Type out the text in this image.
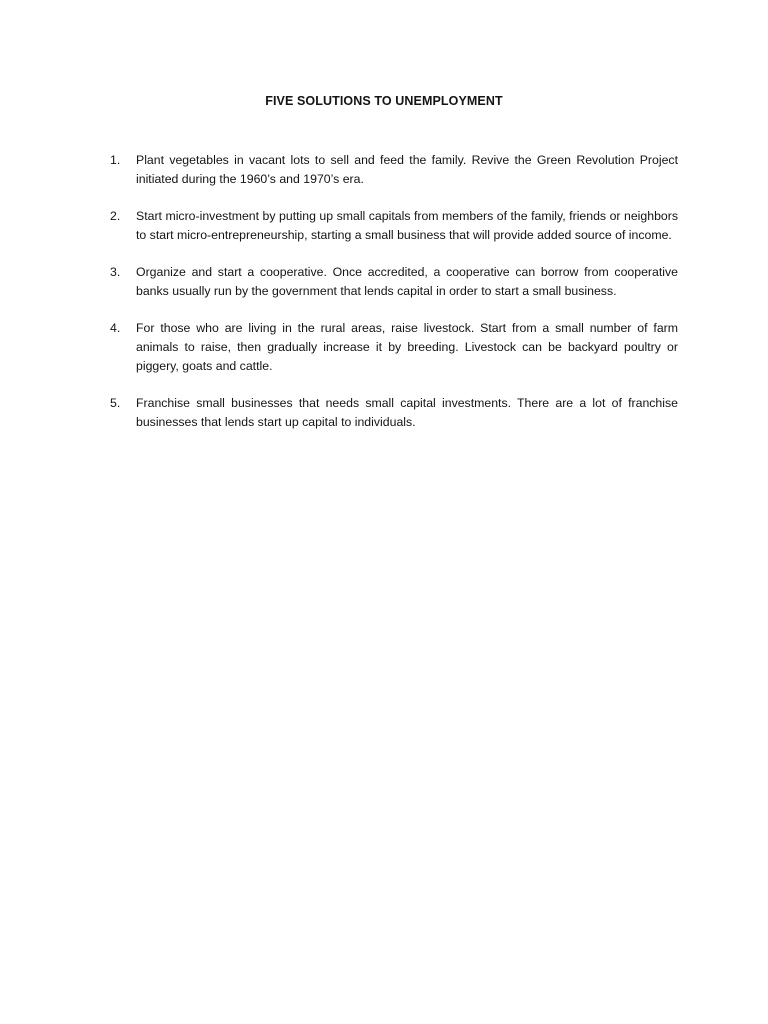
FIVE SOLUTIONS TO UNEMPLOYMENT
1.	Plant vegetables in vacant lots to sell and feed the family. Revive the Green Revolution Project initiated during the 1960’s and 1970’s era.
2.	Start micro-investment by putting up small capitals from members of the family, friends or neighbors to start micro-entrepreneurship, starting a small business that will provide added source of income.
3.	Organize and start a cooperative. Once accredited, a cooperative can borrow from cooperative banks usually run by the government that lends capital in order to start a small business.
4.	For those who are living in the rural areas, raise livestock. Start from a small number of farm animals to raise, then gradually increase it by breeding. Livestock can be backyard poultry or piggery, goats and cattle.
5.	Franchise small businesses that needs small capital investments. There are a lot of franchise businesses that lends start up capital to individuals.
